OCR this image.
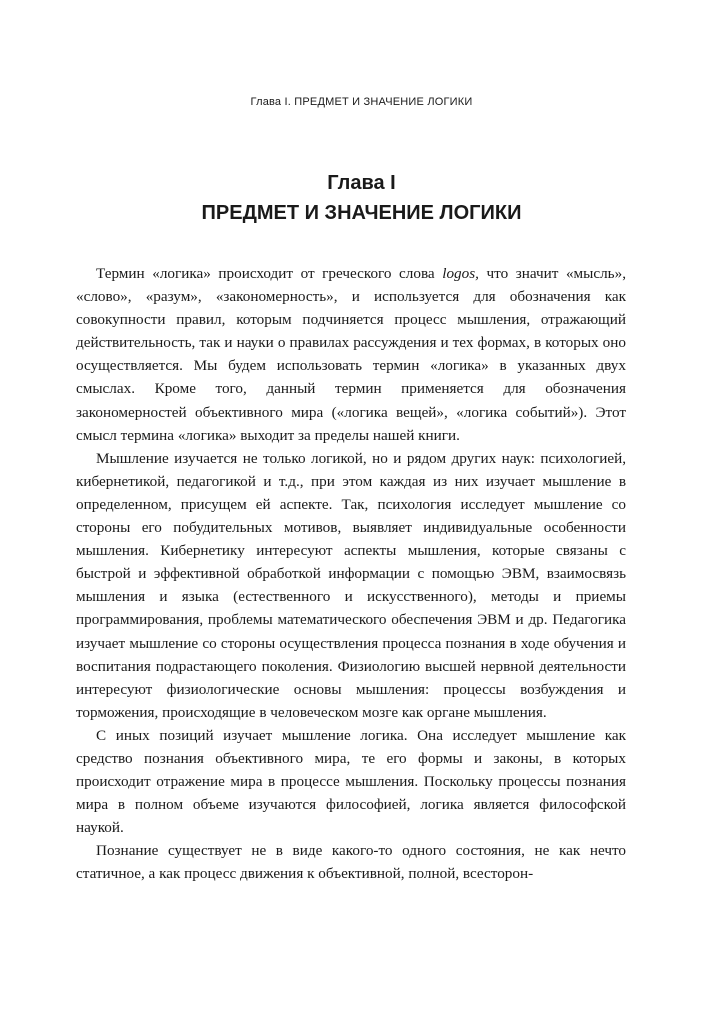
Глава I. ПРЕДМЕТ И ЗНАЧЕНИЕ ЛОГИКИ
Глава I
ПРЕДМЕТ И ЗНАЧЕНИЕ ЛОГИКИ

Термин «логика» происходит от греческого слова logos, что значит «мысль», «слово», «разум», «закономерность», и используется для обозначения как совокупности правил, которым подчиняется процесс мышления, отражающий действительность, так и науки о правилах рассуждения и тех формах, в которых оно осуществляется. Мы будем использовать термин «логика» в указанных двух смыслах. Кроме того, данный термин применяется для обозначения закономерностей объективного мира («логика вещей», «логика событий»). Этот смысл термина «логика» выходит за пределы нашей книги.

Мышление изучается не только логикой, но и рядом других наук: психологией, кибернетикой, педагогикой и т.д., при этом каждая из них изучает мышление в определенном, присущем ей аспекте. Так, психология исследует мышление со стороны его побудительных мотивов, выявляет индивидуальные особенности мышления. Кибернетику интересуют аспекты мышления, которые связаны с быстрой и эффективной обработкой информации с помощью ЭВМ, взаимосвязь мышления и языка (естественного и искусственного), методы и приемы программирования, проблемы математического обеспечения ЭВМ и др. Педагогика изучает мышление со стороны осуществления процесса познания в ходе обучения и воспитания подрастающего поколения. Физиологию высшей нервной деятельности интересуют физиологические основы мышления: процессы возбуждения и торможения, происходящие в человеческом мозге как органе мышления.

С иных позиций изучает мышление логика. Она исследует мышление как средство познания объективного мира, те его формы и законы, в которых происходит отражение мира в процессе мышления. Поскольку процессы познания мира в полном объеме изучаются философией, логика является философской наукой.

Познание существует не в виде какого-то одного состояния, не как нечто статичное, а как процесс движения к объективной, полной, всесторон-
